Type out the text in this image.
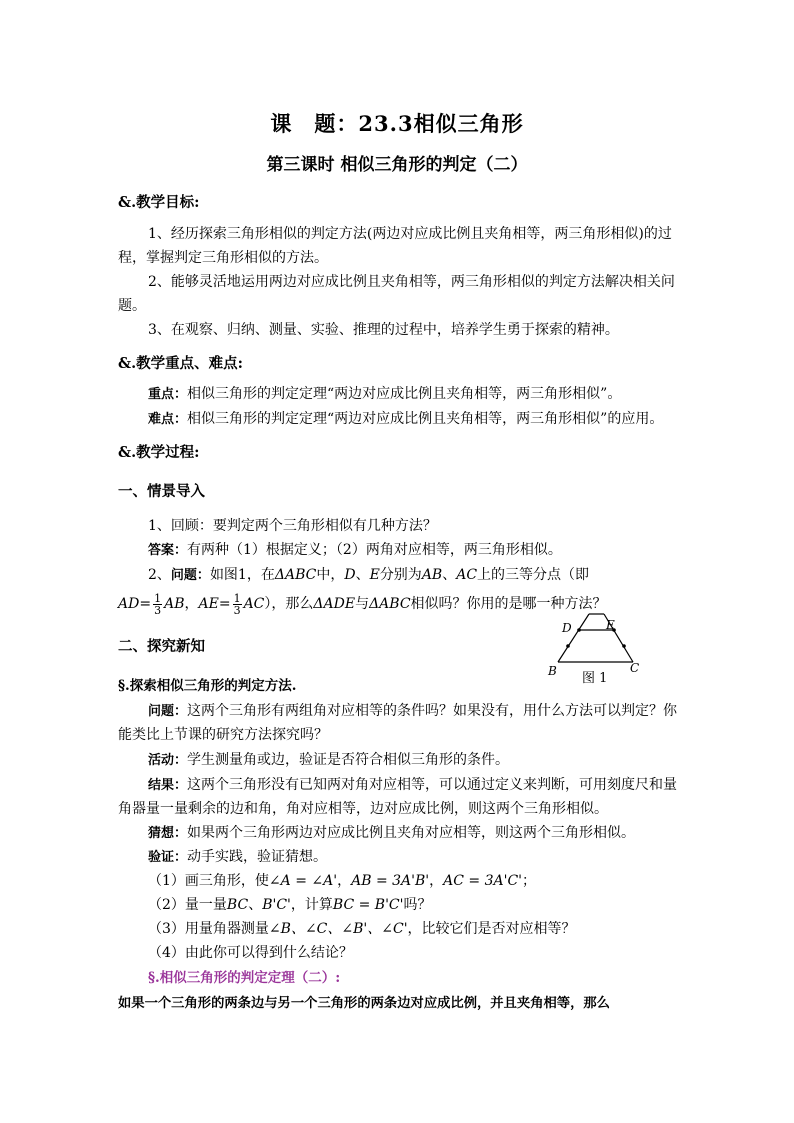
课　题：23.3相似三角形
第三课时 相似三角形的判定（二）
&.教学目标:
1、经历探索三角形相似的判定方法(两边对应成比例且夹角相等，两三角形相似)的过
程，掌握判定三角形相似的方法。
2、能够灵活地运用两边对应成比例且夹角相等，两三角形相似的判定方法解决相关问
题。
3、在观察、归纳、测量、实验、推理的过程中，培养学生勇于探索的精神。
&.教学重点、难点:
重点：相似三角形的判定定理“两边对应成比例且夹角相等，两三角形相似”。
难点：相似三角形的判定定理“两边对应成比例且夹角相等，两三角形相似”的应用。
&.教学过程:
一、情景导入
1、回顾：要判定两个三角形相似有几种方法？
答案：有两种（1）根据定义；（2）两角对应相等，两三角形相似。
2、问题：如图1，在ΔABC中，D、E分别为AB、AC上的三等分点（即
$AD= \frac{1}{3}$ AB，$AE= \frac{1}{3} AC$），那么ΔADE与ΔABC相似吗？你用的是哪一种方法？
二、探究新知
D	E
B	C
图 1
§.探索相似三角形的判定方法.
问题：这两个三角形有两组角对应相等的条件吗？如果没有，用什么方法可以判定？你
能类比上节课的研究方法探究吗？
活动：学生测量角或边，验证是否符合相似三角形的条件。
结果：这两个三角形没有已知两对角对应相等，可以通过定义来判断，可用刻度尺和量
角器量一量剩余的边和角，角对应相等，边对应成比例，则这两个三角形相似。
猜想：如果两个三角形两边对应成比例且夹角对应相等，则这两个三角形相似。
验证：动手实践，验证猜想。
（1）画三角形，使∠A = ∠A'，AB = 3A'B'，AC = 3A'C'；
（2）量一量BC、B'C'，计算BC = B'C'吗？
（3）用量角器测量∠B、∠C、∠B'、∠C'，比较它们是否对应相等？
（4）由此你可以得到什么结论？
§.相似三角形的判定定理（二）:
如果一个三角形的两条边与另一个三角形的两条边对应成比例，并且夹角相等，那么
